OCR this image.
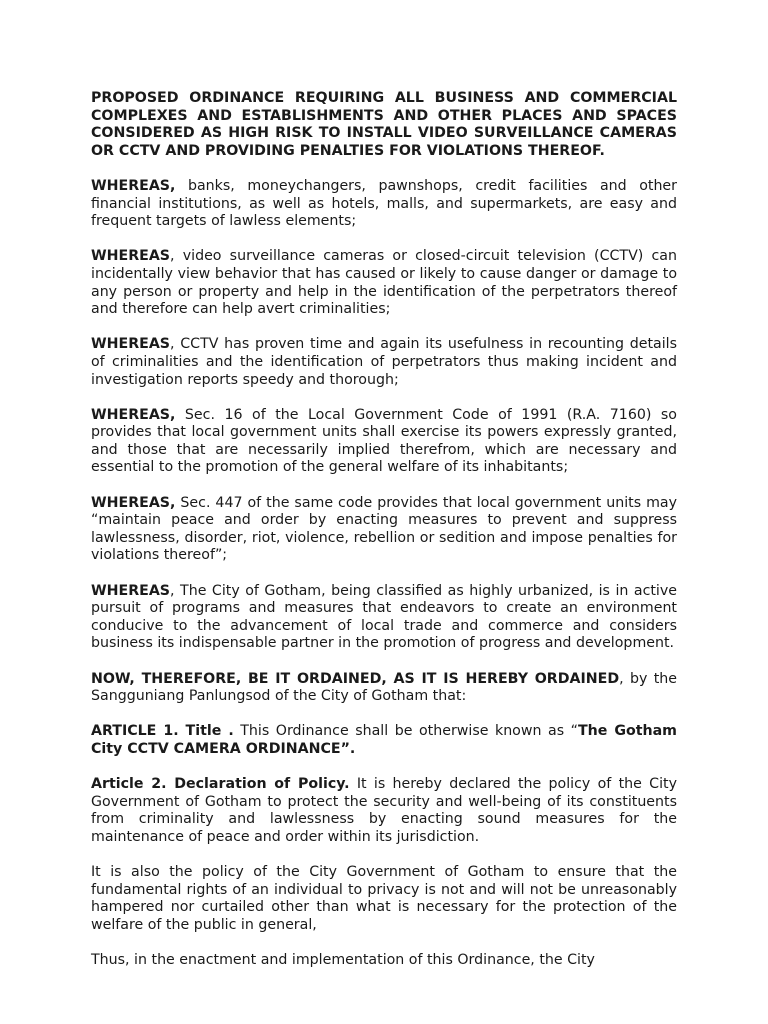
PROPOSED ORDINANCE REQUIRING ALL BUSINESS AND COMMERCIAL COMPLEXES AND ESTABLISHMENTS AND OTHER PLACES AND SPACES CONSIDERED AS HIGH RISK TO INSTALL VIDEO SURVEILLANCE CAMERAS OR CCTV AND PROVIDING PENALTIES FOR VIOLATIONS THEREOF.

WHEREAS, banks, moneychangers, pawnshops, credit facilities and other financial institutions, as well as hotels, malls, and supermarkets, are easy and frequent targets of lawless elements;

WHEREAS, video surveillance cameras or closed-circuit television (CCTV) can incidentally view behavior that has caused or likely to cause danger or damage to any person or property and help in the identification of the perpetrators thereof and therefore can help avert criminalities;

WHEREAS, CCTV has proven time and again its usefulness in recounting details of criminalities and the identification of perpetrators thus making incident and investigation reports speedy and thorough;

WHEREAS, Sec. 16 of the Local Government Code of 1991 (R.A. 7160) so provides that local government units shall exercise its powers expressly granted, and those that are necessarily implied therefrom, which are necessary and essential to the promotion of the general welfare of its inhabitants;

WHEREAS, Sec. 447 of the same code provides that local government units may “maintain peace and order by enacting measures to prevent and suppress lawlessness, disorder, riot, violence, rebellion or sedition and impose penalties for violations thereof”;

WHEREAS, The City of Gotham, being classified as highly urbanized, is in active pursuit of programs and measures that endeavors to create an environment conducive to the advancement of local trade and commerce and considers business its indispensable partner in the promotion of progress and development.

NOW, THEREFORE, BE IT ORDAINED, AS IT IS HEREBY ORDAINED, by the Sangguniang Panlungsod of the City of Gotham that:

ARTICLE 1. Title . This Ordinance shall be otherwise known as “The Gotham City CCTV CAMERA ORDINANCE”.

Article 2. Declaration of Policy. It is hereby declared the policy of the City Government of Gotham to protect the security and well-being of its constituents from criminality and lawlessness by enacting sound measures for the maintenance of peace and order within its jurisdiction.

It is also the policy of the City Government of Gotham to ensure that the fundamental rights of an individual to privacy is not and will not be unreasonably hampered nor curtailed other than what is necessary for the protection of the welfare of the public in general,

Thus, in the enactment and implementation of this Ordinance, the City
